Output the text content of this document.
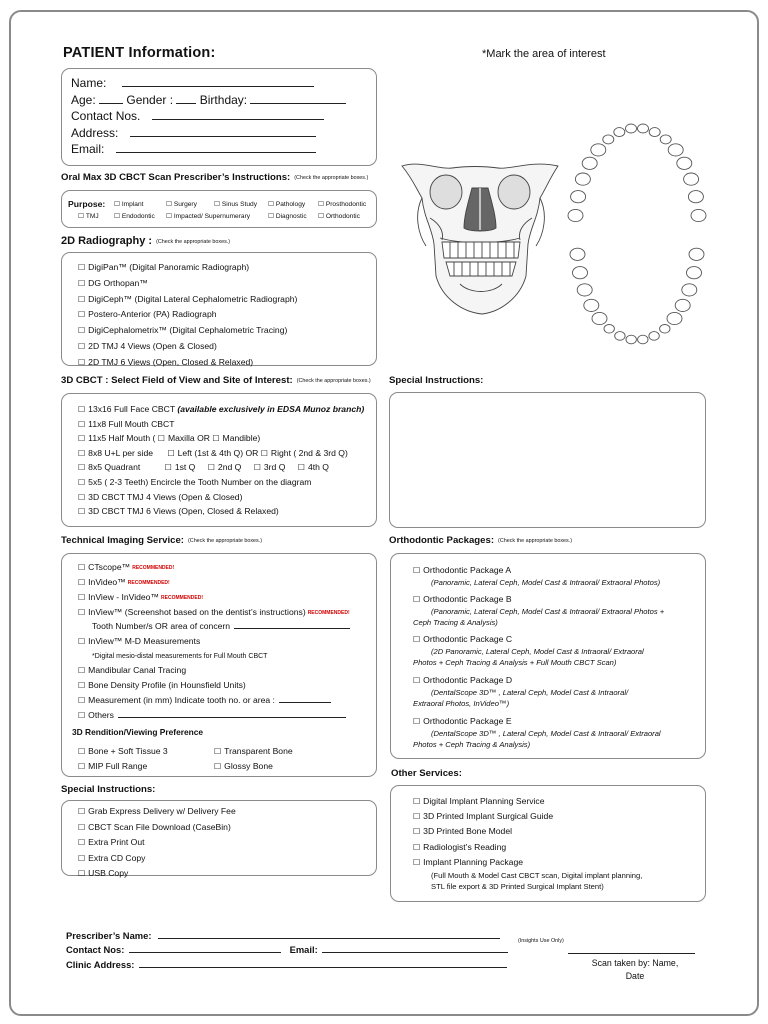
PATIENT Information:	*Mark the area of interest
Name:
Age:	Gender : Birthday:
Contact Nos.
Address:
Email:
Oral Max 3D CBCT Scan Prescriber’s Instructions: (Check the appropriate boxes.)
Purpose: ☐ Implant	☐ Surgery	☐ Sinus Study ☐ Pathology ☐ Prosthodontic
☐ TMJ ☐ Endodontic ☐ Impacted/ Supernumerary	☐ Diagnostic ☐ Orthodontic
2D Radiography : (Check the appropriate boxes.)
☐ DigiPan™ (Digital Panoramic Radiograph)
☐ DG Orthopan™
☐ DigiCeph™ (Digital Lateral Cephalometric Radiograph)
☐ Postero-Anterior (PA) Radiograph
☐ DigiCephalometrix™ (Digital Cephalometric Tracing)
☐ 2D TMJ 4 Views (Open & Closed)
☐ 2D TMJ 6 Views (Open, Closed & Relaxed)
3D CBCT : Select Field of View and Site of Interest: (Check the appropriate boxes.)
☐ 13x16 Full Face CBCT (available exclusively in EDSA Munoz branch)
☐ 11x8 Full Mouth CBCT
☐ 11x5 Half Mouth ( ☐ Maxilla OR ☐ Mandible)
☐ 8x8 U+L per side ☐ Left (1st & 4th Q) OR ☐ Right ( 2nd & 3rd Q)
☐ 8x5 Quadrant	☐ 1st Q ☐ 2nd Q ☐ 3rd Q ☐ 4th Q
☐ 5x5 ( 2-3 Teeth) Encircle the Tooth Number on the diagram
☐ 3D CBCT TMJ 4 Views (Open & Closed)
☐ 3D CBCT TMJ 6 Views (Open, Closed & Relaxed)
Special Instructions:
Technical Imaging Service: (Check the appropriate boxes.)
☐ CTscope™ RECOMMENDED!
☐ InVideo™ RECOMMENDED!
☐ InView - InVideo™ RECOMMENDED!
☐ InView™ (Screenshot based on the dentist’s instructions) RECOMMENDED!
Tooth Number/s OR area of concern
☐ InView™ M-D Measurements
*Digital mesio-distal measurements for Full Mouth CBCT
☐ Mandibular Canal Tracing
☐ Bone Density Profile (in Hounsfield Units)
☐ Measurement (in mm) Indicate tooth no. or area :
☐ Others
3D Rendition/Viewing Preference
☐ Bone + Soft Tissue 3	☐ Transparent Bone
☐ MIP Full Range	☐ Glossy Bone
Orthodontic Packages: (Check the appropriate boxes.)
☐ Orthodontic Package A
(Panoramic, Lateral Ceph, Model Cast & Intraoral/ Extraoral Photos)
☐ Orthodontic Package B
(Panoramic, Lateral Ceph, Model Cast & Intraoral/ Extraoral Photos +
Ceph Tracing & Analysis)
☐ Orthodontic Package C
(2D Panoramic, Lateral Ceph, Model Cast & Intraoral/ Extraoral
Photos + Ceph Tracing & Analysis + Full Mouth CBCT Scan)
☐ Orthodontic Package D
(DentalScope 3D™ , Lateral Ceph, Model Cast & Intraoral/
Extraoral Photos, InVideo™)
☐ Orthodontic Package E
(DentalScope 3D™ , Lateral Ceph, Model Cast & Intraoral/ Extraoral
Photos + Ceph Tracing & Analysis)
Other Services:
☐ Digital Implant Planning Service
☐ 3D Printed Implant Surgical Guide
☐ 3D Printed Bone Model
☐ Radiologist’s Reading
☐ Implant Planning Package
(Full Mouth & Model Cast CBCT scan, Digital implant planning,
STL file export & 3D Printed Surgical Implant Stent)
Special Instructions:
☐ Grab Express Delivery w/ Delivery Fee
☐ CBCT Scan File Download (CaseBin)
☐ Extra Print Out
☐ Extra CD Copy
☐ USB Copy
Prescriber’s Name:
Contact Nos:	Email:
Clinic Address:
(Insights Use Only)
Scan taken by: Name,
Date
